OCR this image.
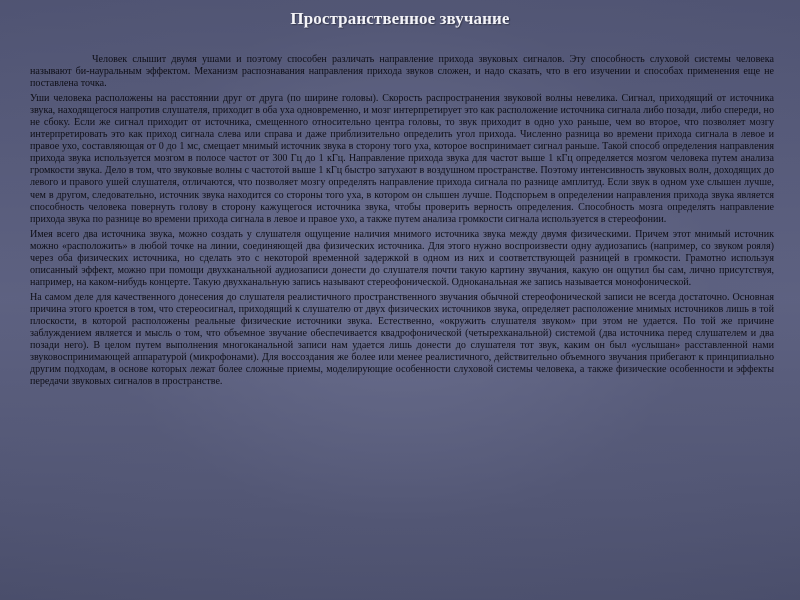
Пространственное звучание

Человек слышит двумя ушами и поэтому способен различать направление прихода звуковых сигналов. Эту способность слуховой системы человека называют би-науральным эффектом. Механизм распознавания направления прихода звуков сложен, и надо сказать, что в его изучении и способах применения еще не поставлена точка.

Уши человека расположены на расстоянии друг от друга (по ширине головы). Скорость распространения звуковой волны невелика. Сигнал, приходящий от источника звука, находящегося напротив слушателя, приходит в оба уха одновременно, и мозг интерпретирует это как расположение источника сигнала либо позади, либо спереди, но не сбоку. Если же сигнал приходит от источника, смещенного относительно центра головы, то звук приходит в одно ухо раньше, чем во второе, что позволяет мозгу интерпретировать это как приход сигнала слева или справа и даже приблизительно определить угол прихода. Численно разница во времени прихода сигнала в левое и правое ухо, составляющая от 0 до 1 мс, смещает мнимый источник звука в сторону того уха, которое воспринимает сигнал раньше. Такой способ определения направления прихода звука используется мозгом в полосе частот от 300 Гц до 1 кГц. Направление прихода звука для частот выше 1 кГц определяется мозгом человека путем анализа громкости звука. Дело в том, что звуковые волны с частотой выше 1 кГц быстро затухают в воздушном пространстве. Поэтому интенсивность звуковых волн, доходящих до левого и правого ушей слушателя, отличаются, что позволяет мозгу определять направление прихода сигнала по разнице амплитуд. Если звук в одном ухе слышен лучше, чем в другом, следовательно, источник звука находится со стороны того уха, в котором он слышен лучше. Подспорьем в определении направления прихода звука является способность человека повернуть голову в сторону кажущегося источника звука, чтобы проверить верность определения. Способность мозга определять направление прихода звука по разнице во времени прихода сигнала в левое и правое ухо, а также путем анализа громкости сигнала используется в стереофонии.

Имея всего два источника звука, можно создать у слушателя ощущение наличия мнимого источника звука между двумя физическими. Причем этот мнимый источник можно «расположить» в любой точке на линии, соединяющей два физических источника. Для этого нужно воспроизвести одну аудиозапись (например, со звуком рояля) через оба физических источника, но сделать это с некоторой временной задержкой в одном из них и соответствующей разницей в громкости. Грамотно используя описанный эффект, можно при помощи двухканальной аудиозаписи донести до слушателя почти такую картину звучания, какую он ощутил бы сам, лично присутствуя, например, на каком-нибудь концерте. Такую двухканальную запись называют стереофонической. Одноканальная же запись называется монофонической.

На самом деле для качественного донесения до слушателя реалистичного пространственного звучания обычной стереофонической записи не всегда достаточно. Основная причина этого кроется в том, что стереосигнал, приходящий к слушателю от двух физических источников звука, определяет расположение мнимых источников лишь в той плоскости, в которой расположены реальные физические источники звука. Естественно, «окружить слушателя звуком» при этом не удается. По той же причине заблуждением является и мысль о том, что объемное звучание обеспечивается квадрофонической (четырехканальной) системой (два источника перед слушателем и два позади него). В целом путем выполнения многоканальной записи нам удается лишь донести до слушателя тот звук, каким он был «услышан» расставленной нами звуковоспринимающей аппаратурой (микрофонами). Для воссоздания же более или менее реалистичного, действительно объемного звучания прибегают к принципиально другим подходам, в основе которых лежат более сложные приемы, моделирующие особенности слуховой системы человека, а также физические особенности и эффекты передачи звуковых сигналов в пространстве.
